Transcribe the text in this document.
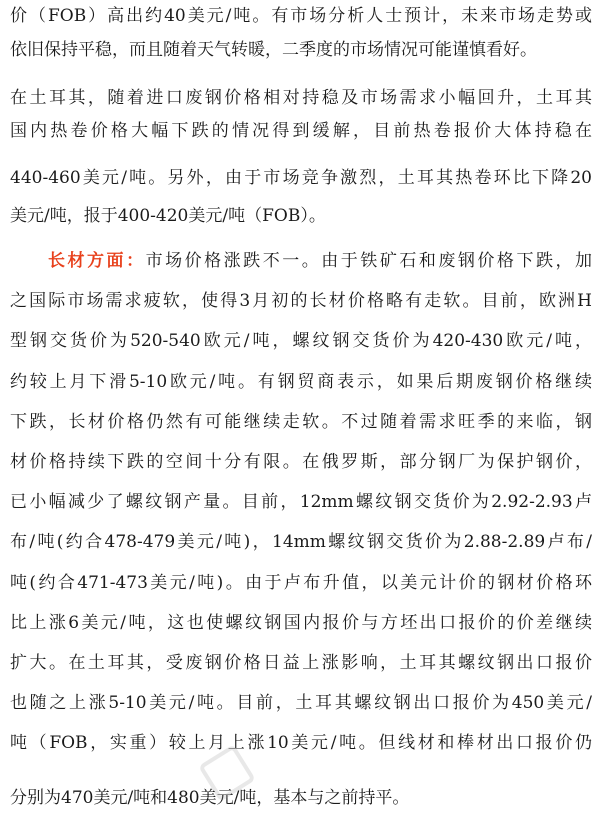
价（FOB）高出约40美元/吨。有市场分析人士预计，未来市场走势或
依旧保持平稳，而且随着天气转暖，二季度的市场情况可能谨慎看好。
在土耳其，随着进口废钢价格相对持稳及市场需求小幅回升，土耳其
国内热卷价格大幅下跌的情况得到缓解，目前热卷报价大体持稳在
440-460美元/吨。另外，由于市场竞争激烈，土耳其热卷环比下降20
美元/吨，报于400-420美元/吨（FOB）。
长材方面：市场价格涨跌不一。由于铁矿石和废钢价格下跌，加
之国际市场需求疲软，使得3月初的长材价格略有走软。目前，欧洲H
型钢交货价为520-540欧元/吨，螺纹钢交货价为420-430欧元/吨，
约较上月下滑5-10欧元/吨。有钢贸商表示，如果后期废钢价格继续
下跌，长材价格仍然有可能继续走软。不过随着需求旺季的来临，钢
材价格持续下跌的空间十分有限。在俄罗斯，部分钢厂为保护钢价，
已小幅减少了螺纹钢产量。目前，12mm螺纹钢交货价为2.92-2.93卢
布/吨(约合478-479美元/吨)，14mm螺纹钢交货价为2.88-2.89卢布/
吨(约合471-473美元/吨)。由于卢布升值，以美元计价的钢材价格环
比上涨6美元/吨，这也使螺纹钢国内报价与方坯出口报价的价差继续
扩大。在土耳其，受废钢价格日益上涨影响，土耳其螺纹钢出口报价
也随之上涨5-10美元/吨。目前，土耳其螺纹钢出口报价为450美元/
吨（FOB，实重）较上月上涨10美元/吨。但线材和棒材出口报价仍
分别为470美元/吨和480美元/吨，基本与之前持平。
